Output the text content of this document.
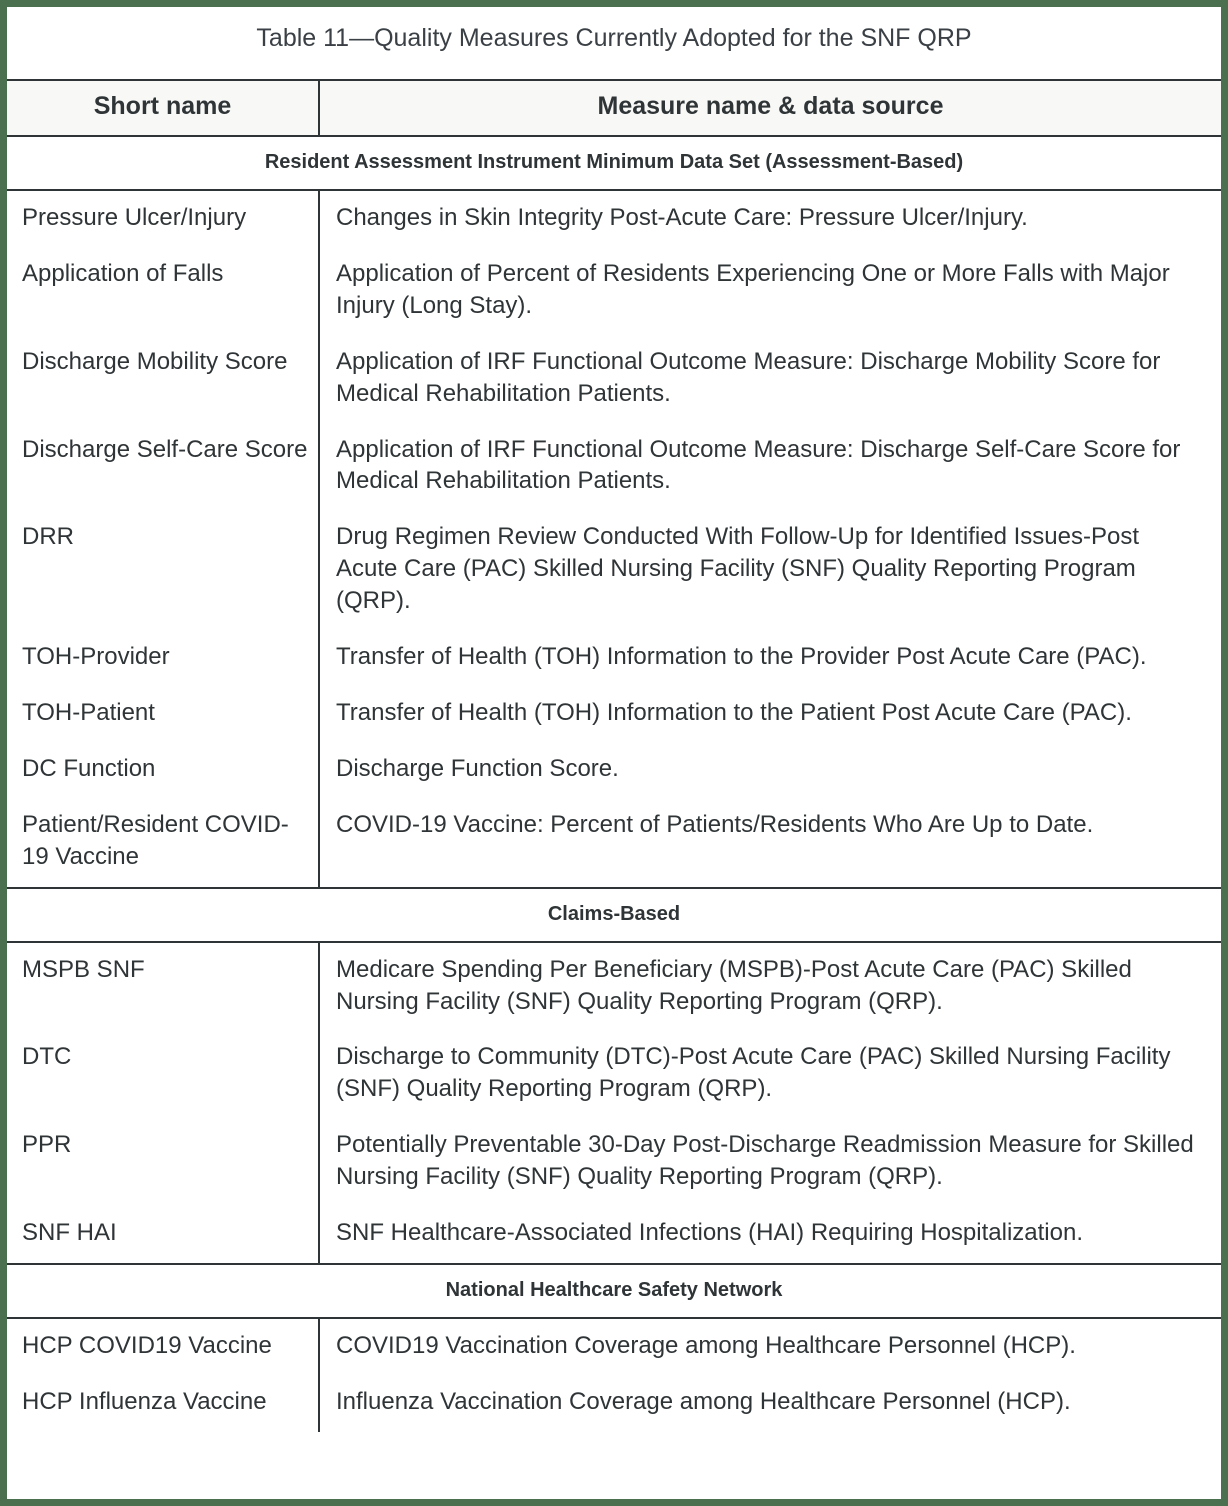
Table 11—Quality Measures Currently Adopted for the SNF QRP
Short name	Measure name & data source
Resident Assessment Instrument Minimum Data Set (Assessment-Based)	
Pressure Ulcer/Injury	Changes in Skin Integrity Post-Acute Care: Pressure Ulcer/Injury.
Application of Falls	Application of Percent of Residents Experiencing One or More Falls with Major Injury (Long Stay).
Discharge Mobility Score	Application of IRF Functional Outcome Measure: Discharge Mobility Score for Medical Rehabilitation Patients.
Discharge Self-Care Score	Application of IRF Functional Outcome Measure: Discharge Self-Care Score for Medical Rehabilitation Patients.
DRR	Drug Regimen Review Conducted With Follow-Up for Identified Issues-Post Acute Care (PAC) Skilled Nursing Facility (SNF) Quality Reporting Program (QRP).
TOH-Provider	Transfer of Health (TOH) Information to the Provider Post Acute Care (PAC).
TOH-Patient	Transfer of Health (TOH) Information to the Patient Post Acute Care (PAC).
DC Function	Discharge Function Score.
Patient/Resident COVID-19 Vaccine	COVID-19 Vaccine: Percent of Patients/Residents Who Are Up to Date.
Claims-Based	
MSPB SNF	Medicare Spending Per Beneficiary (MSPB)-Post Acute Care (PAC) Skilled Nursing Facility (SNF) Quality Reporting Program (QRP).
DTC	Discharge to Community (DTC)-Post Acute Care (PAC) Skilled Nursing Facility (SNF) Quality Reporting Program (QRP).
PPR	Potentially Preventable 30-Day Post-Discharge Readmission Measure for Skilled Nursing Facility (SNF) Quality Reporting Program (QRP).
SNF HAI	SNF Healthcare-Associated Infections (HAI) Requiring Hospitalization.
National Healthcare Safety Network	
HCP COVID19 Vaccine	COVID19 Vaccination Coverage among Healthcare Personnel (HCP).
HCP Influenza Vaccine	Influenza Vaccination Coverage among Healthcare Personnel (HCP).
